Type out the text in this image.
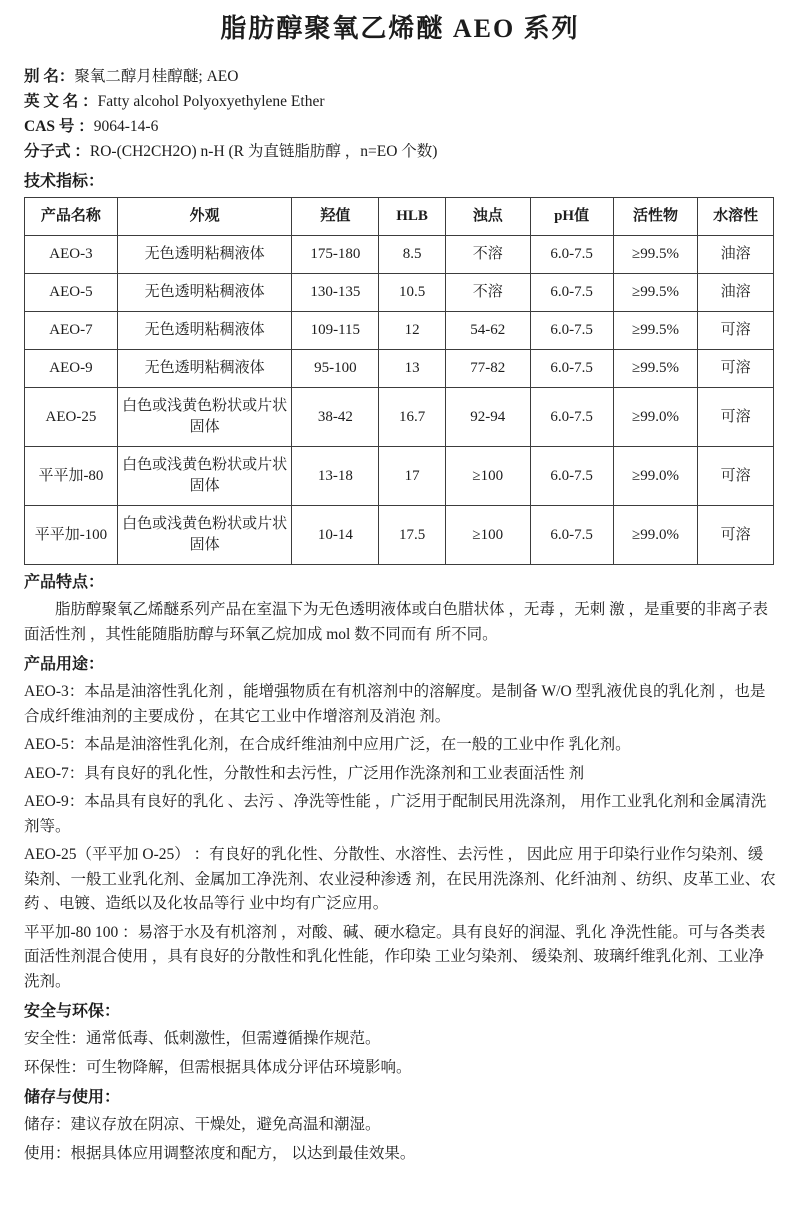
脂肪醇聚氧乙烯醚 AEO 系列

别 名：聚氧二醇月桂醇醚; AEO

英 文 名 ：Fatty alcohol Polyoxyethylene Ether

CAS 号 ：9064-14-6

分子式 ：RO-(CH2CH2O) n-H (R 为直链脂肪醇 ，n=EO 个数)

技术指标：

产品名称	外观	羟值	HLB	浊点	pH值	活性物	水溶性
AEO-3	无色透明粘稠液体	175-180	8.5	不溶	6.0-7.5	≥99.5%	油溶
AEO-5	无色透明粘稠液体	130-135	10.5	不溶	6.0-7.5	≥99.5%	油溶
AEO-7	无色透明粘稠液体	109-115	12	54-62	6.0-7.5	≥99.5%	可溶
AEO-9	无色透明粘稠液体	95-100	13	77-82	6.0-7.5	≥99.5%	可溶
AEO-25	白色或浅黄色粉状或片状固体	38-42	16.7	92-94	6.0-7.5	≥99.0%	可溶
平平加-80	白色或浅黄色粉状或片状固体	13-18	17	≥100	6.0-7.5	≥99.0%	可溶
平平加-100	白色或浅黄色粉状或片状固体	10-14	17.5	≥100	6.0-7.5	≥99.0%	可溶

产品特点：

脂肪醇聚氧乙烯醚系列产品在室温下为无色透明液体或白色腊状体 ，无毒 ，无刺 激 ，是重要的非离子表面活性剂 ，其性能随脂肪醇与环氧乙烷加成 mol 数不同而有 所不同。

产品用途：

AEO-3：本品是油溶性乳化剂 ，能增强物质在有机溶剂中的溶解度。是制备 W/O 型乳液优良的乳化剂 ，也是合成纤维油剂的主要成份 ，在其它工业中作增溶剂及消泡 剂。

AEO-5：本品是油溶性乳化剂，在合成纤维油剂中应用广泛，在一般的工业中作 乳化剂。

AEO-7：具有良好的乳化性，分散性和去污性，广泛用作洗涤剂和工业表面活性 剂

AEO-9：本品具有良好的乳化 、去污 、净洗等性能 ，广泛用于配制民用洗涤剂， 用作工业乳化剂和金属清洗剂等。

AEO-25（平平加 O-25） ：有良好的乳化性、分散性、水溶性、去污性 ， 因此应 用于印染行业作匀染剂、缓染剂、一般工业乳化剂、金属加工净洗剂、农业浸种渗透 剂，在民用洗涤剂、化纤油剂 、纺织、皮革工业、农药 、电镀、造纸以及化妆品等行 业中均有广泛应用。

平平加-80 100 ：易溶于水及有机溶剂 ，对酸、碱、硬水稳定。具有良好的润湿、乳化 净洗性能。可与各类表面活性剂混合使用 ，具有良好的分散性和乳化性能，作印染 工业匀染剂、 缓染剂、玻璃纤维乳化剂、工业净洗剂。

安全与环保：

安全性：通常低毒、低刺激性，但需遵循操作规范。

环保性：可生物降解，但需根据具体成分评估环境影响。

储存与使用：

储存：建议存放在阴凉、干燥处，避免高温和潮湿。

使用：根据具体应用调整浓度和配方， 以达到最佳效果。
